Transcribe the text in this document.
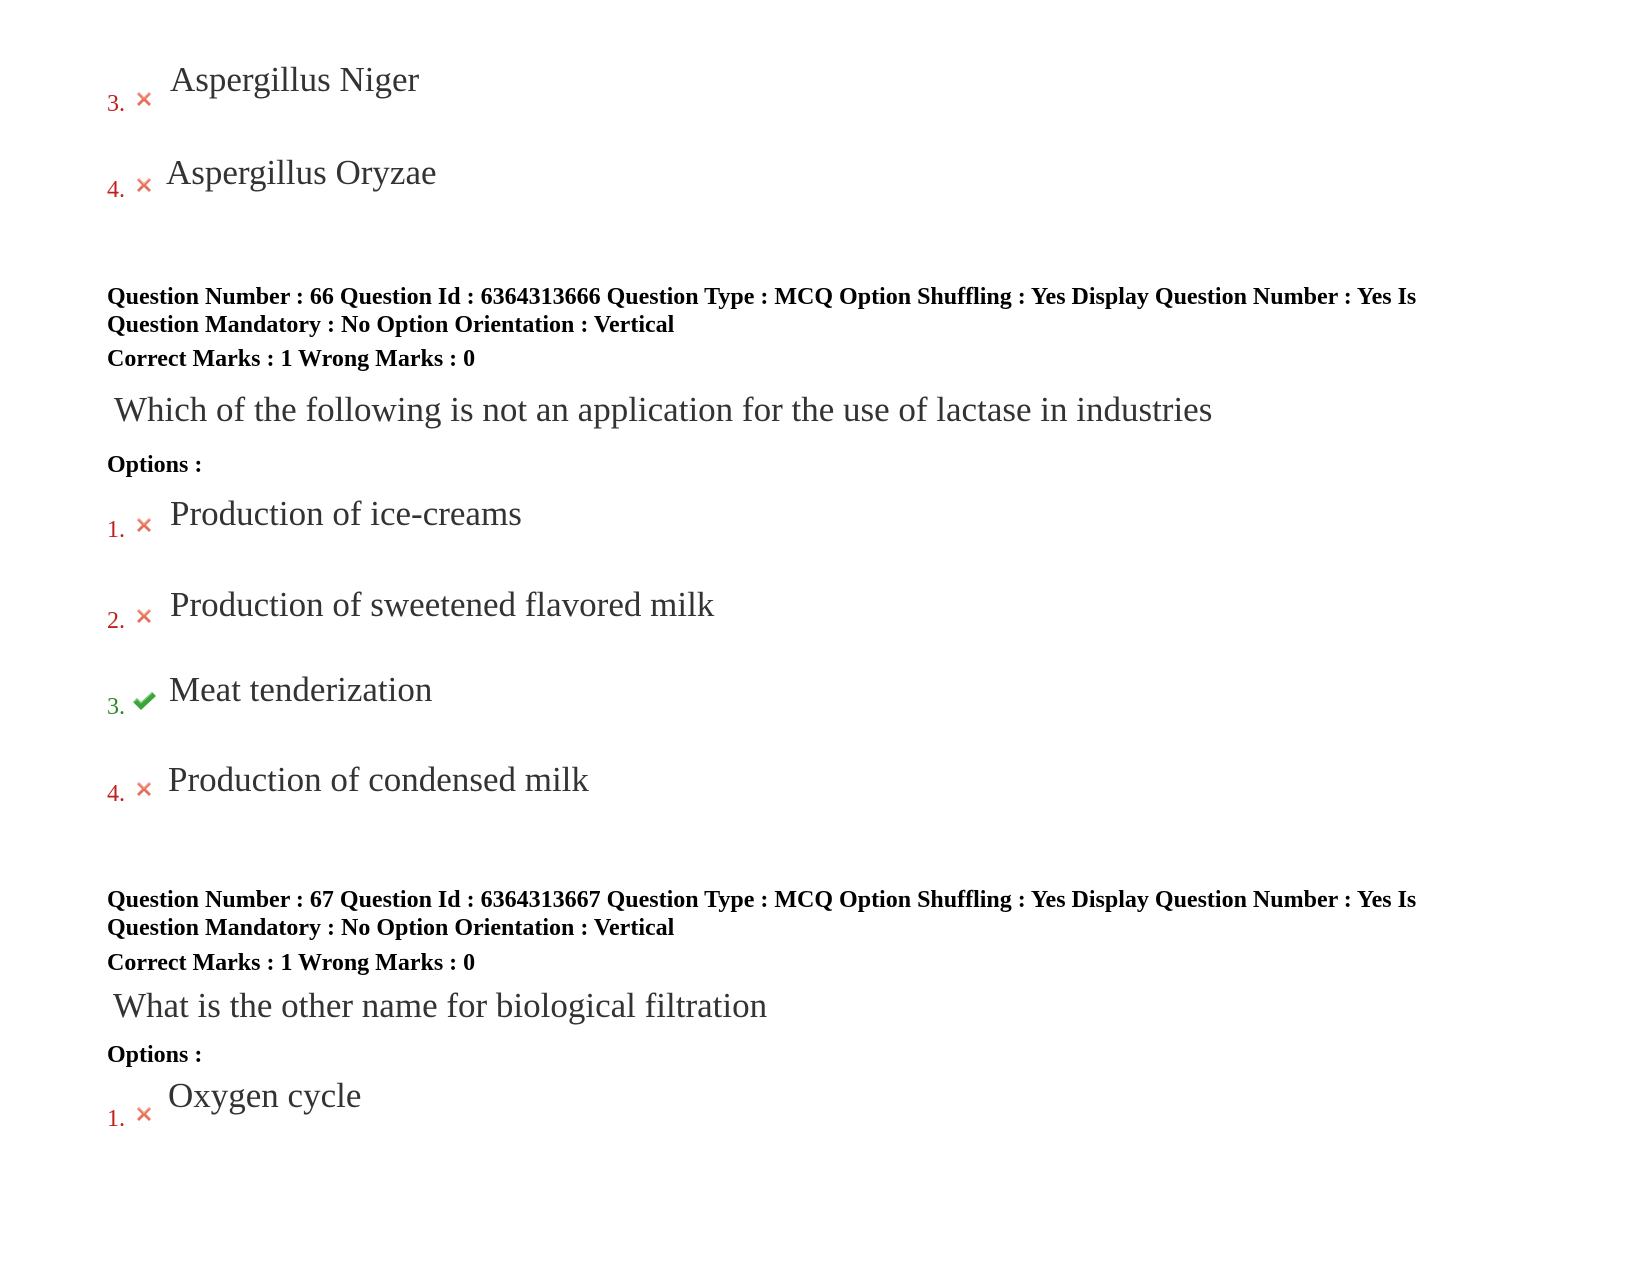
3.
Aspergillus Niger
4. Aspergillus Oryzae
Question Number : 66 Question Id : 6364313666 Question Type : MCQ Option Shuffling : Yes Display Question Number : Yes Is
Question Mandatory : No Option Orientation : Vertical
Correct Marks : 1 Wrong Marks : 0
Which of the following is not an application for the use of lactase in industries
Options :
1. Production of ice-creams
2. Production of sweetened flavored milk
3. Meat tenderization
4. Production of condensed milk
Question Number : 67 Question Id : 6364313667 Question Type : MCQ Option Shuffling : Yes Display Question Number : Yes Is
Question Mandatory : No Option Orientation : Vertical
Correct Marks : 1 Wrong Marks : 0
What is the other name for biological filtration
Options :
1.
Oxygen cycle
